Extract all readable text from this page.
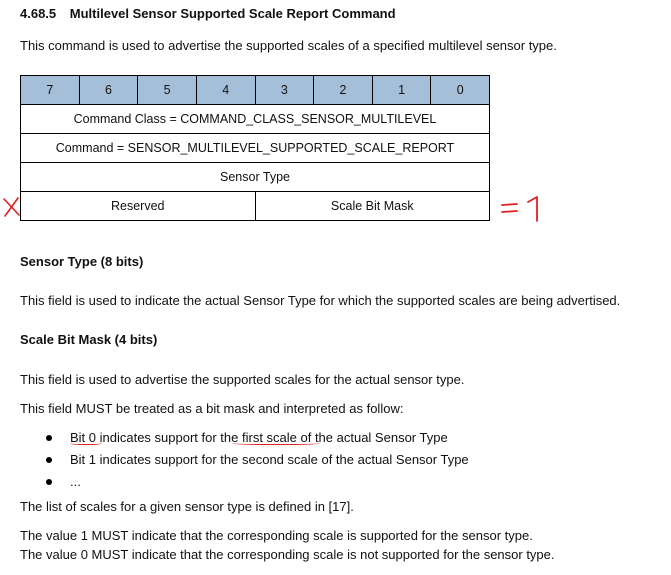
4.68.5 Multilevel Sensor Supported Scale Report Command
This command is used to advertise the supported scales of a specified multilevel sensor type.
7	6	5	4	3	2	1	0
Command Class = COMMAND_CLASS_SENSOR_MULTILEVEL							
Command = SENSOR_MULTILEVEL_SUPPORTED_SCALE_REPORT							
Sensor Type							
Reserved				Scale Bit Mask			
Sensor Type (8 bits)
This field is used to indicate the actual Sensor Type for which the supported scales are being advertised.
Scale Bit Mask (4 bits)
This field is used to advertise the supported scales for the actual sensor type.
This field MUST be treated as a bit mask and interpreted as follow:
Bit 0 indicates support for the first scale of the actual Sensor Type
Bit 1 indicates support for the second scale of the actual Sensor Type
...
The list of scales for a given sensor type is defined in [17].
The value 1 MUST indicate that the corresponding scale is supported for the sensor type.
The value 0 MUST indicate that the corresponding scale is not supported for the sensor type.
